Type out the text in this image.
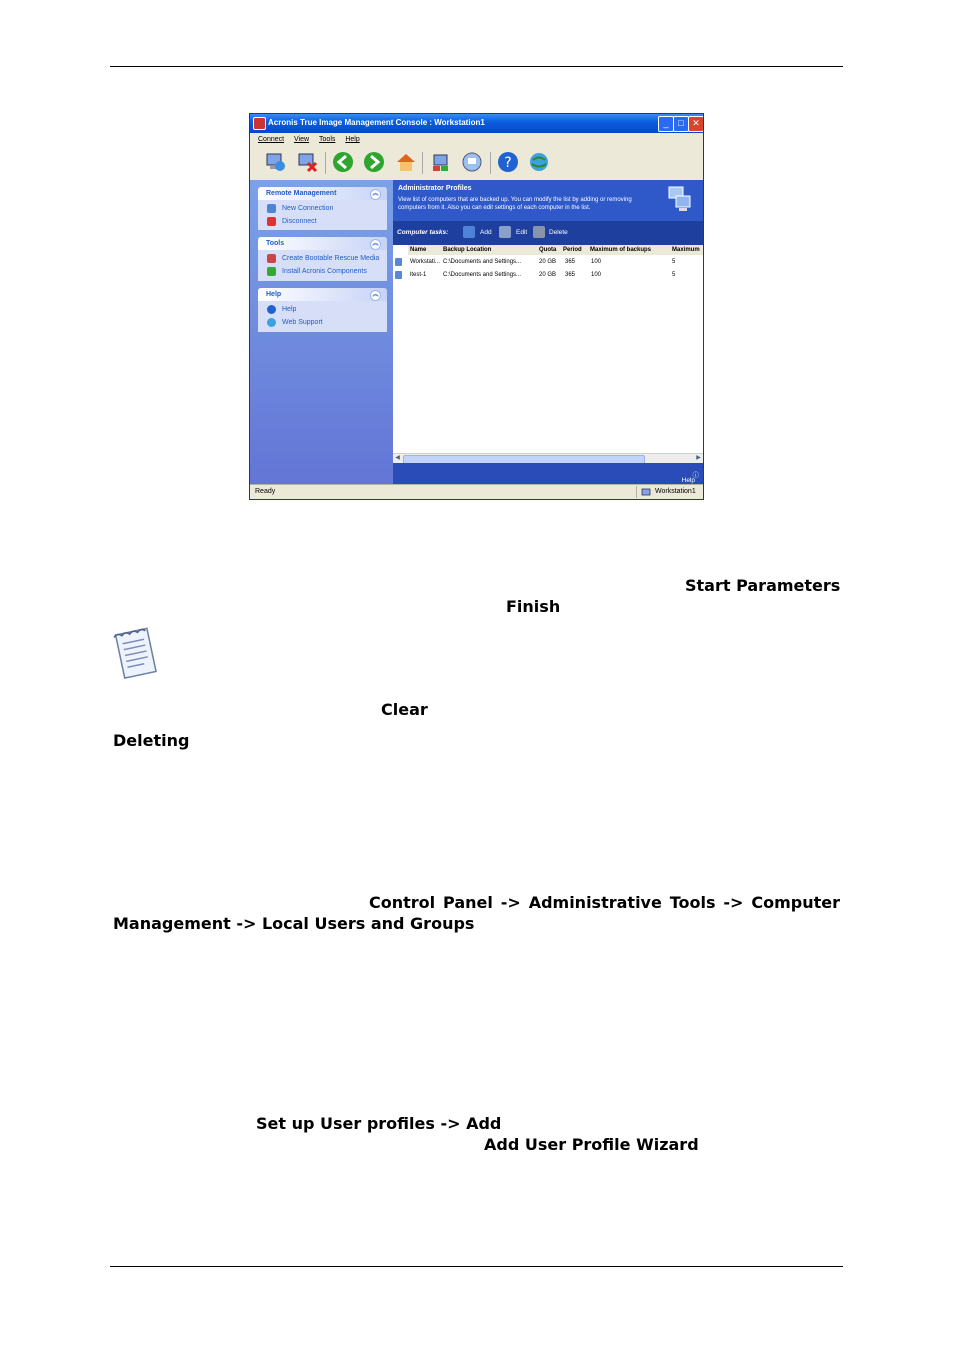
Acronis True Image Management Console : Workstation1	_	□ ✕
Connect View Tools Help
?
Remote Management	︽
New Connection
Disconnect
Tools	︽
Create Bootable Rescue Media
Install Acronis Components
Help	︽
Help
Web Support
Administrator Profiles
View list of computers that are backed up. You can modify the list by adding or removing computers from it. Also you can edit settings of each computer in the list.
Computer tasks:	Add	Edit	Delete
Name	Backup Location	Quota	Period	Maximum of backups	Maximum
Workstati... C:\Documents and Settings...	20 GB	365	100	5
ltest-1	C:\Documents and Settings...	20 GB	365	100	5
◀	▶
ⓘ
Help
Ready	Workstation1
Start Parameters
Finish
Clear
Deleting
Control Panel -> Administrative Tools -> Computer
Management -> Local Users and Groups
Set up User profiles -> Add
Add User Profile Wizard
